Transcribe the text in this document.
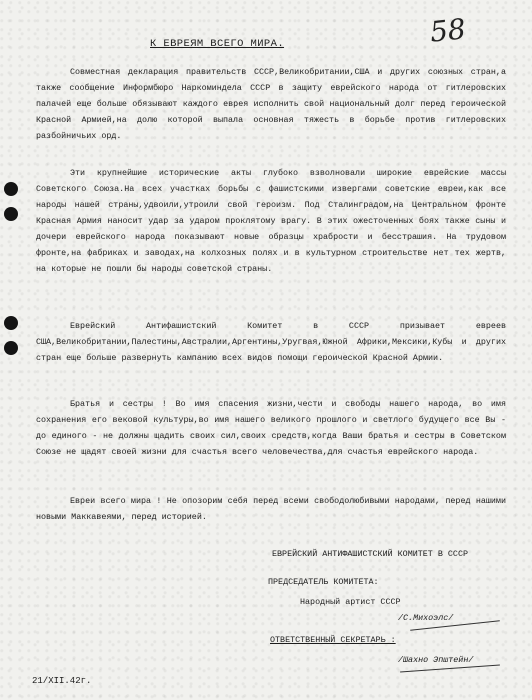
58
К ЕВРЕЯМ ВСЕГО МИРА.
Совместная декларация правительств СССР,Великобритании,США и других союзных стран,а также сообщение Информбюро Наркоминдела СССР в защиту еврейского народа от гитлеровских палачей еще больше обязывают каждого еврея исполнить свой национальный долг перед героической Красной Армией,на долю которой выпала основная тяжесть в борьбе против гитлеровских разбойничьих орд.
Эти крупнейшие исторические акты глубоко взволновали широкие еврейские массы Советского Союза.На всех участках борьбы с фашистскими извергами советские евреи,как все народы нашей страны,удвоили,утроили свой героизм. Под Сталинградом,на Центральном фронте Красная Армия наносит удар за ударом проклятому врагу. В этих ожесточенных боях также сыны и дочери еврейского народа показывают новые образцы храбрости и бесстрашия. На трудовом фронте,на фабриках и заводах,на колхозных полях и в культурном строительстве нет тех жертв, на которые не пошли бы народы советской страны.
Еврейский Антифашистский Комитет в СССР призывает евреев США,Великобритании,Палестины,Австралии,Аргентины,Уругвая,Южной Африки,Мексики,Кубы и других стран еще больше развернуть кампанию всех видов помощи героической Красной Армии.
Братья и сестры ! Во имя спасения жизни,чести и свободы нашего народа, во имя сохранения его вековой культуры,во имя нашего великого прошлого и светлого будущего все Вы - до единого - не должны щадить своих сил,своих средств,когда Ваши братья и сестры в Советском Союзе не щадят своей жизни для счастья всего человечества,для счастья еврейского народа.
Евреи всего мира ! Не опозорим себя перед всеми свободолюбивыми народами, перед нашими новыми Маккавеями, перед историей.
ЕВРЕЙСКИЙ АНТИФАШИСТСКИЙ КОМИТЕТ В СССР
ПРЕДСЕДАТЕЛЬ КОМИТЕТА:
Народный артист СССР
/С.Михоэлс/
ОТВЕТСТВЕННЫЙ СЕКРЕТАРЬ :
/Шахно Эпштейн/
21/XII.42г.
